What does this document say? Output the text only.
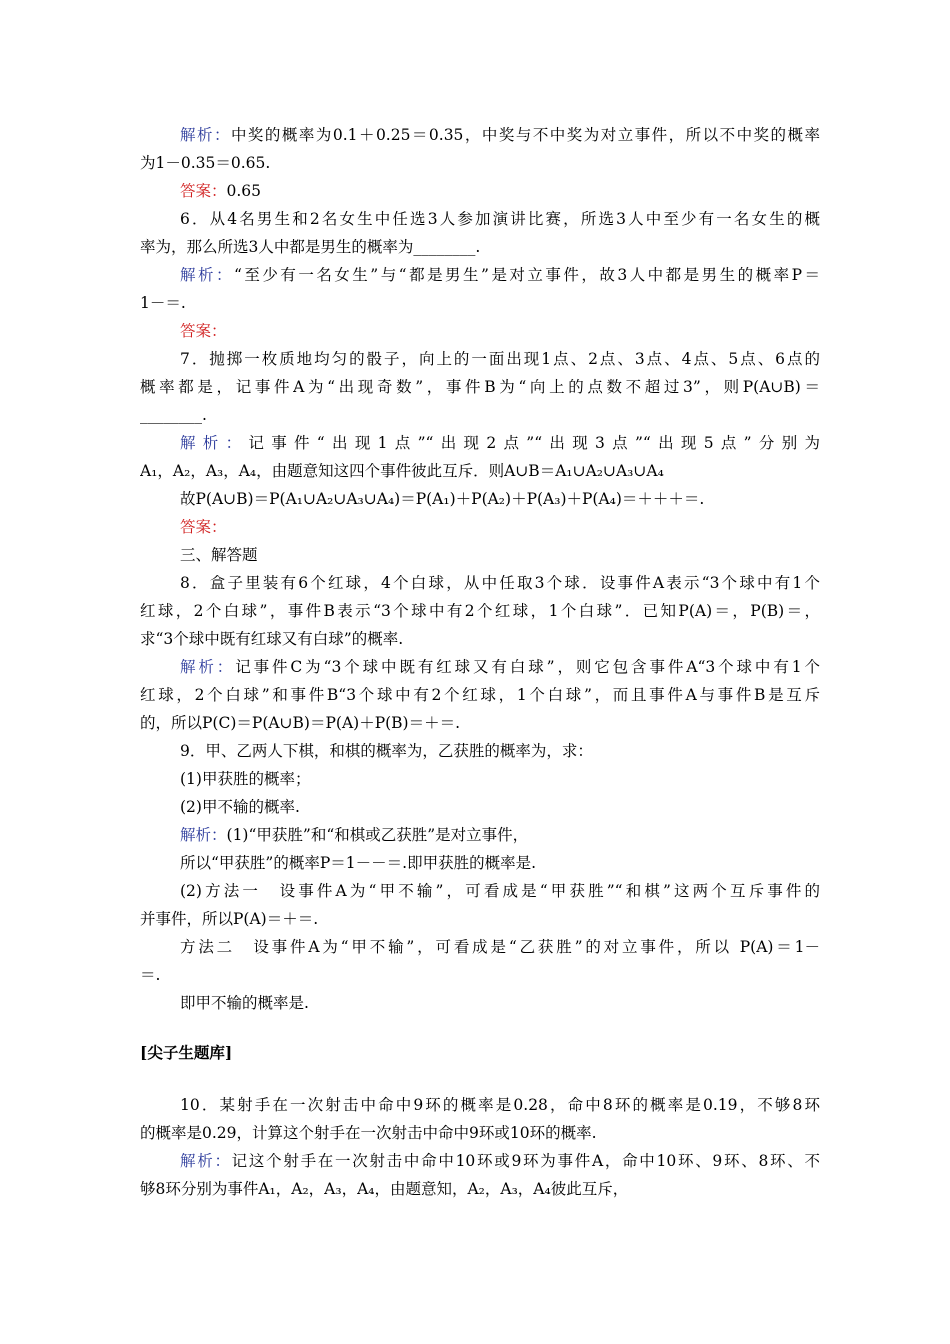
解析：中奖的概率为0.1＋0.25＝0.35，中奖与不中奖为对立事件，所以不中奖的概率
为1－0.35＝0.65.
答案：0.65
6．从4名男生和2名女生中任选3人参加演讲比赛，所选3人中至少有一名女生的概
率为，那么所选3人中都是男生的概率为________.
解析：“至少有一名女生”与“都是男生”是对立事件，故3人中都是男生的概率P＝
1－＝.
答案：
7．抛掷一枚质地均匀的骰子，向上的一面出现1点、2点、3点、4点、5点、6点的
概率都是，记事件A为“出现奇数”，事件B为“向上的点数不超过3”，则P(A∪B)＝
________.
解析：记事件“出现1点”“出现2点”“出现3点”“出现5点”分别为
A₁，A₂，A₃，A₄，由题意知这四个事件彼此互斥．则A∪B＝A₁∪A₂∪A₃∪A₄
故P(A∪B)＝P(A₁∪A₂∪A₃∪A₄)＝P(A₁)＋P(A₂)＋P(A₃)＋P(A₄)＝＋＋＋＝.
答案：
三、解答题
8．盒子里装有6个红球，4个白球，从中任取3个球．设事件A表示“3个球中有1个
红球，2个白球”，事件B表示“3个球中有2个红球，1个白球”．已知P(A)＝，P(B)＝，
求“3个球中既有红球又有白球”的概率.
解析：记事件C为“3个球中既有红球又有白球”，则它包含事件A“3个球中有1个
红球，2个白球”和事件B“3个球中有2个红球，1个白球”，而且事件A与事件B是互斥
的，所以P(C)＝P(A∪B)＝P(A)＋P(B)＝＋＝.
9．甲、乙两人下棋，和棋的概率为，乙获胜的概率为，求：
(1)甲获胜的概率；
(2)甲不输的概率.
解析：(1)“甲获胜”和“和棋或乙获胜”是对立事件，
所以“甲获胜”的概率P＝1－－＝.即甲获胜的概率是.
(2)方法一　设事件A为“甲不输”，可看成是“甲获胜”“和棋”这两个互斥事件的
并事件，所以P(A)＝＋＝.
方法二　设事件A为“甲不输”，可看成是“乙获胜”的对立事件，所以 P(A)＝1－
＝.
即甲不输的概率是.
[尖子生题库]
10．某射手在一次射击中命中9环的概率是0.28，命中8环的概率是0.19，不够8环
的概率是0.29，计算这个射手在一次射击中命中9环或10环的概率.
解析：记这个射手在一次射击中命中10环或9环为事件A，命中10环、9环、8环、不
够8环分别为事件A₁，A₂，A₃，A₄，由题意知，A₂，A₃，A₄彼此互斥，
